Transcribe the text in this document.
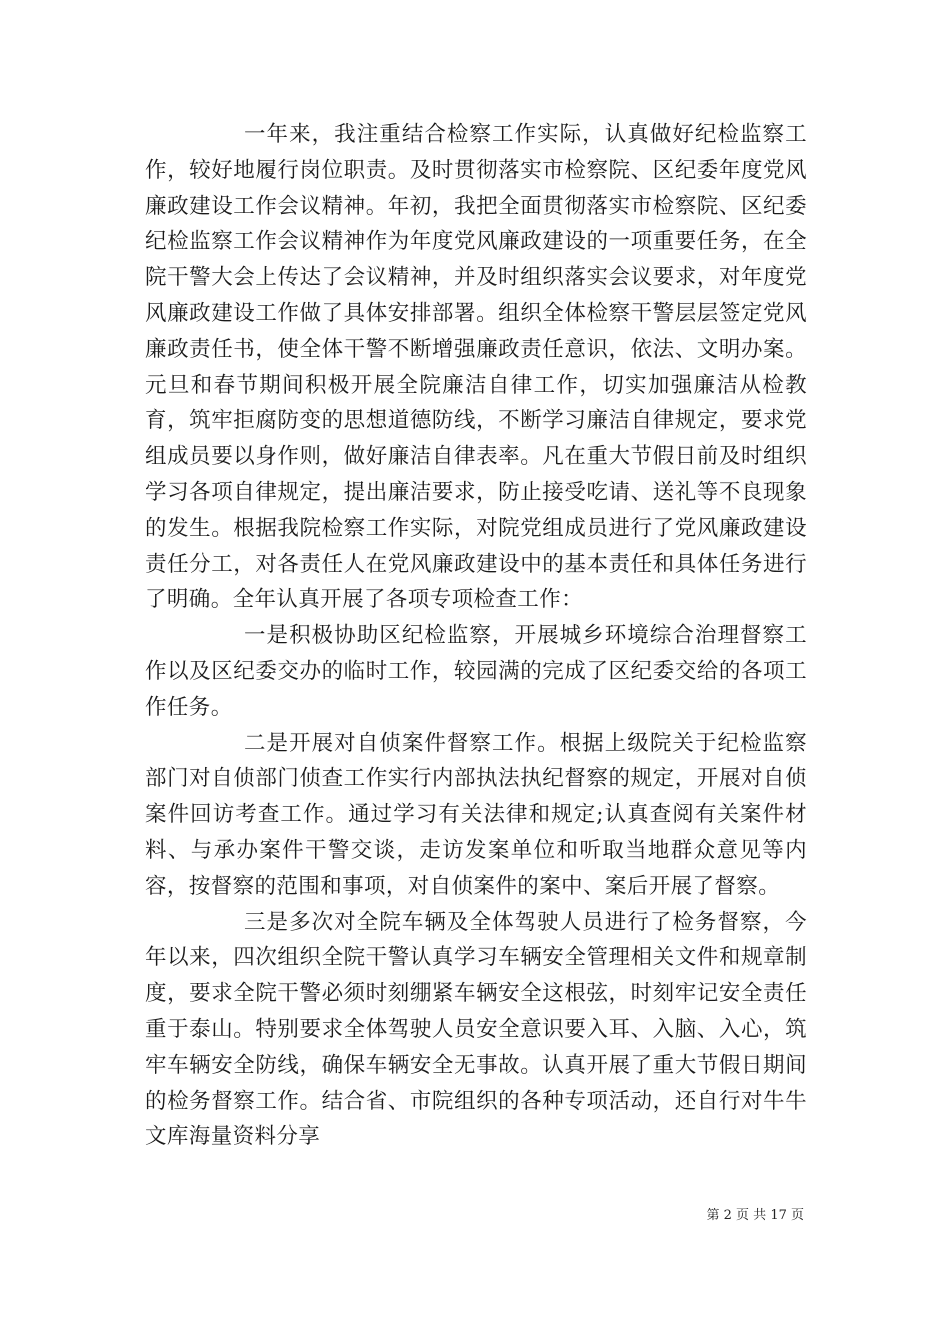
一年来，我注重结合检察工作实际，认真做好纪检监察工作，较好地履行岗位职责。及时贯彻落实市检察院、区纪委年度党风廉政建设工作会议精神。年初，我把全面贯彻落实市检察院、区纪委纪检监察工作会议精神作为年度党风廉政建设的一项重要任务，在全院干警大会上传达了会议精神，并及时组织落实会议要求，对年度党风廉政建设工作做了具体安排部署。组织全体检察干警层层签定党风廉政责任书，使全体干警不断增强廉政责任意识，依法、文明办案。元旦和春节期间积极开展全院廉洁自律工作，切实加强廉洁从检教育，筑牢拒腐防变的思想道德防线，不断学习廉洁自律规定，要求党组成员要以身作则，做好廉洁自律表率。凡在重大节假日前及时组织学习各项自律规定，提出廉洁要求，防止接受吃请、送礼等不良现象的发生。根据我院检察工作实际，对院党组成员进行了党风廉政建设责任分工，对各责任人在党风廉政建设中的基本责任和具体任务进行了明确。全年认真开展了各项专项检查工作：

一是积极协助区纪检监察，开展城乡环境综合治理督察工作以及区纪委交办的临时工作，较园满的完成了区纪委交给的各项工作任务。

二是开展对自侦案件督察工作。根据上级院关于纪检监察部门对自侦部门侦查工作实行内部执法执纪督察的规定，开展对自侦案件回访考查工作。通过学习有关法律和规定;认真查阅有关案件材料、与承办案件干警交谈，走访发案单位和听取当地群众意见等内容，按督察的范围和事项，对自侦案件的案中、案后开展了督察。

三是多次对全院车辆及全体驾驶人员进行了检务督察，今年以来，四次组织全院干警认真学习车辆安全管理相关文件和规章制度，要求全院干警必须时刻绷紧车辆安全这根弦，时刻牢记安全责任重于泰山。特别要求全体驾驶人员安全意识要入耳、入脑、入心，筑牢车辆安全防线，确保车辆安全无事故。认真开展了重大节假日期间的检务督察工作。结合省、市院组织的各种专项活动，还自行对牛牛文库海量资料分享

第 2 页 共 17 页
